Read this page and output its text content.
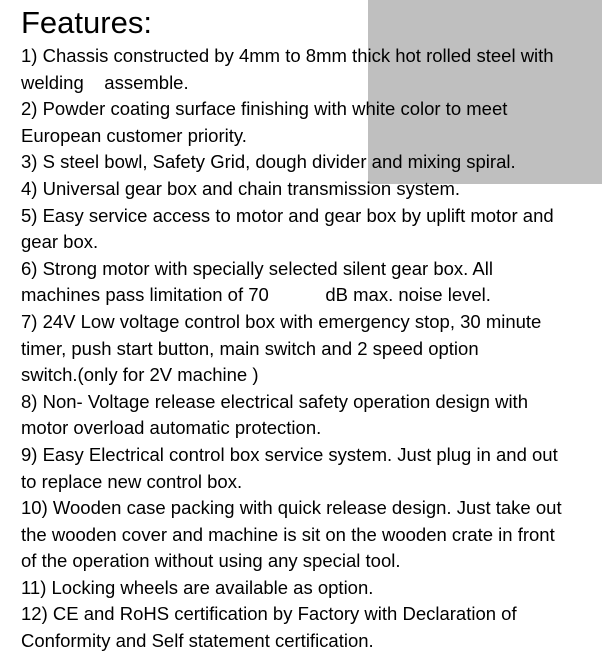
Features:

1) Chassis constructed by 4mm to 8mm thick hot rolled steel with
welding    assemble.

2) Powder coating surface finishing with white color to meet
European customer priority.

3) S steel bowl, Safety Grid, dough divider and mixing spiral.

4) Universal gear box and chain transmission system.

5) Easy service access to motor and gear box by uplift motor and
gear box.

6) Strong motor with specially selected silent gear box. All
machines pass limitation of 70           dB max. noise level.

7) 24V Low voltage control box with emergency stop, 30 minute
timer, push start button, main switch and 2 speed option
switch.(only for 2V machine )

8) Non- Voltage release electrical safety operation design with
motor overload automatic protection.

9) Easy Electrical control box service system. Just plug in and out
to replace new control box.

10) Wooden case packing with quick release design. Just take out
the wooden cover and machine is sit on the wooden crate in front
of the operation without using any special tool.

11) Locking wheels are available as option.

12) CE and RoHS certification by Factory with Declaration of
Conformity and Self statement certification.
